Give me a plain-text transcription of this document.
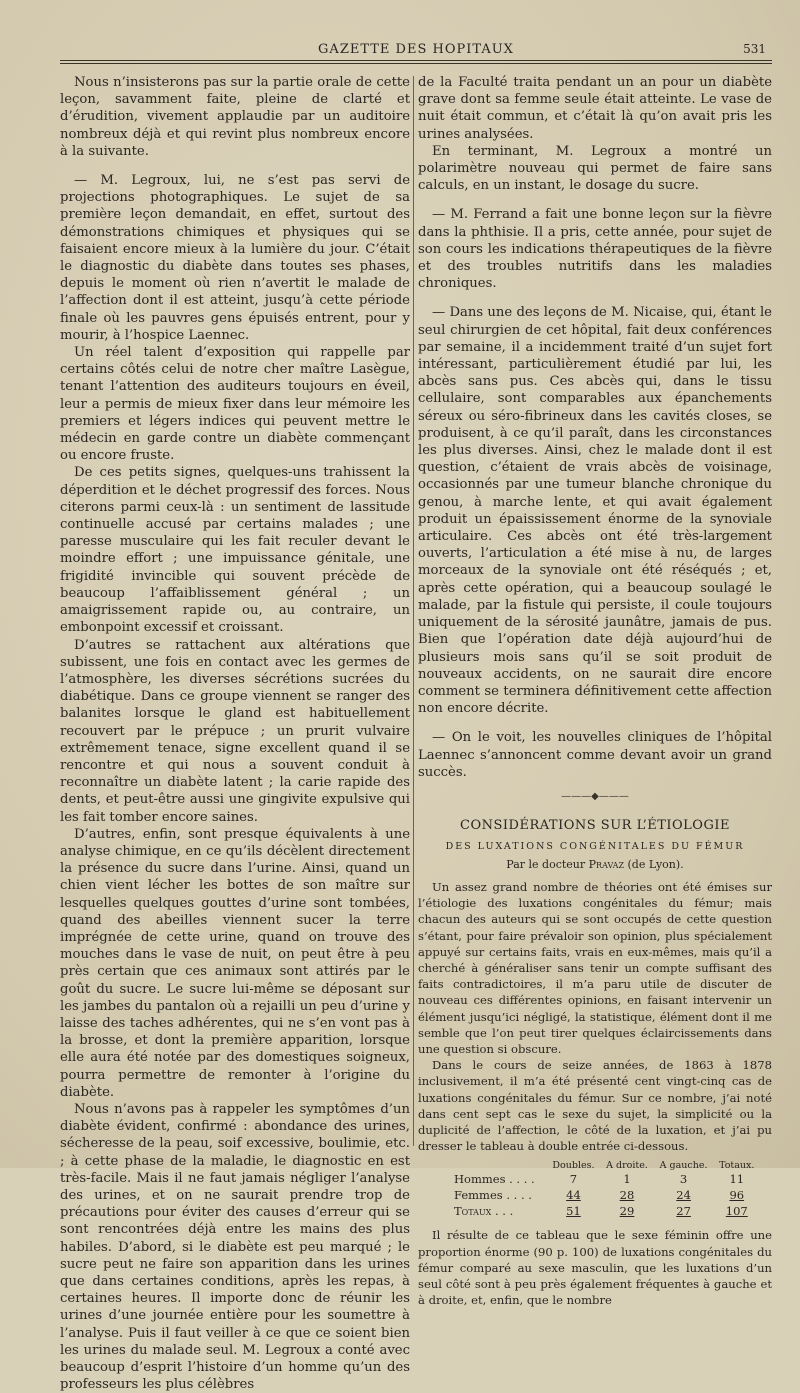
GAZETTE DES HOPITAUX	531

Nous n’insisterons pas sur la partie orale de cette leçon, savamment faite, pleine de clarté et d’érudition, vivement applaudie par un auditoire nombreux déjà et qui revint plus nombreux encore à la suivante.

— M. Legroux, lui, ne s’est pas servi de projections photographiques. Le sujet de sa première leçon demandait, en effet, surtout des démonstrations chimiques et physiques qui se faisaient encore mieux à la lumière du jour. C’était le diagnostic du diabète dans toutes ses phases, depuis le moment où rien n’avertit le malade de l’affection dont il est atteint, jusqu’à cette période finale où les pauvres gens épuisés entrent, pour y mourir, à l’hospice Laennec.

Un réel talent d’exposition qui rappelle par certains côtés celui de notre cher maître Lasègue, tenant l’attention des auditeurs toujours en éveil, leur a permis de mieux fixer dans leur mémoire les premiers et légers indices qui peuvent mettre le médecin en garde contre un diabète commençant ou encore fruste.

De ces petits signes, quelques-uns trahissent la déperdition et le déchet progressif des forces. Nous citerons parmi ceux-là : un sentiment de lassitude continuelle accusé par certains malades ; une paresse musculaire qui les fait reculer devant le moindre effort ; une impuissance génitale, une frigidité invincible qui souvent précède de beaucoup l’affaiblissement général ; un amaigrissement rapide ou, au contraire, un embonpoint excessif et croissant.

D’autres se rattachent aux altérations que subissent, une fois en contact avec les germes de l’atmosphère, les diverses sécrétions sucrées du diabétique. Dans ce groupe viennent se ranger des balanites lorsque le gland est habituellement recouvert par le prépuce ; un prurit vulvaire extrêmement tenace, signe excellent quand il se rencontre et qui nous a souvent conduit à reconnaître un diabète latent ; la carie rapide des dents, et peut-être aussi une gingivite expulsive qui les fait tomber encore saines.

D’autres, enfin, sont presque équivalents à une analyse chimique, en ce qu’ils décèlent directement la présence du sucre dans l’urine. Ainsi, quand un chien vient lécher les bottes de son maître sur lesquelles quelques gouttes d’urine sont tombées, quand des abeilles viennent sucer la terre imprégnée de cette urine, quand on trouve des mouches dans le vase de nuit, on peut être à peu près certain que ces animaux sont attirés par le goût du sucre. Le sucre lui-même se déposant sur les jambes du pantalon où a rejailli un peu d’urine y laisse des taches adhérentes, qui ne s’en vont pas à la brosse, et dont la première apparition, lorsque elle aura été notée par des domestiques soigneux, pourra permettre de remonter à l’origine du diabète.

Nous n’avons pas à rappeler les symptômes d’un diabète évident, confirmé : abondance des urines, sécheresse de la peau, soif excessive, boulimie, etc. ; à cette phase de la maladie, le diagnostic en est très-facile. Mais il ne faut jamais négliger l’analyse des urines, et on ne saurait prendre trop de précautions pour éviter des causes d’erreur qui se sont rencontrées déjà entre les mains des plus habiles. D’abord, si le diabète est peu marqué ; le sucre peut ne faire son apparition dans les urines que dans certaines conditions, après les repas, à certaines heures. Il importe donc de réunir les urines d’une journée entière pour les soumettre à l’analyse. Puis il faut veiller à ce que ce soient bien les urines du malade seul. M. Legroux a conté avec beaucoup d’esprit l’histoire d’un homme qu’un des professeurs les plus célèbres

de la Faculté traita pendant un an pour un diabète grave dont sa femme seule était atteinte. Le vase de nuit était commun, et c’était là qu’on avait pris les urines analysées.

En terminant, M. Legroux a montré un polarimètre nouveau qui permet de faire sans calculs, en un instant, le dosage du sucre.

— M. Ferrand a fait une bonne leçon sur la fièvre dans la phthisie. Il a pris, cette année, pour sujet de son cours les indications thérapeutiques de la fièvre et des troubles nutritifs dans les maladies chroniques.

— Dans une des leçons de M. Nicaise, qui, étant le seul chirurgien de cet hôpital, fait deux conférences par semaine, il a incidemment traité d’un sujet fort intéressant, particulièrement étudié par lui, les abcès sans pus. Ces abcès qui, dans le tissu cellulaire, sont comparables aux épanchements séreux ou séro-fibrineux dans les cavités closes, se produisent, à ce qu’il paraît, dans les circonstances les plus diverses. Ainsi, chez le malade dont il est question, c’étaient de vrais abcès de voisinage, occasionnés par une tumeur blanche chronique du genou, à marche lente, et qui avait également produit un épaississement énorme de la synoviale articulaire. Ces abcès ont été très-largement ouverts, l’articulation a été mise à nu, de larges morceaux de la synoviale ont été réséqués ; et, après cette opération, qui a beaucoup soulagé le malade, par la fistule qui persiste, il coule toujours uniquement de la sérosité jaunâtre, jamais de pus. Bien que l’opération date déjà aujourd’hui de plusieurs mois sans qu’il se soit produit de nouveaux accidents, on ne saurait dire encore comment se terminera définitivement cette affection non encore décrite.

— On le voit, les nouvelles cliniques de l’hôpital Laennec s’annoncent comme devant avoir un grand succès.

———◆———
CONSIDÉRATIONS SUR L’ÉTIOLOGIE
DES LUXATIONS CONGÉNITALES DU FÉMUR
Par le docteur Pravaz (de Lyon).

Un assez grand nombre de théories ont été émises sur l’étiologie des luxations congénitales du fémur; mais chacun des auteurs qui se sont occupés de cette question s’étant, pour faire prévaloir son opinion, plus spécialement appuyé sur certains faits, vrais en eux-mêmes, mais qu’il a cherché à généraliser sans tenir un compte suffisant des faits contradictoires, il m’a paru utile de discuter de nouveau ces différentes opinions, en faisant intervenir un élément jusqu’ici négligé, la statistique, élément dont il me semble que l’on peut tirer quelques éclaircissements dans une question si obscure.

Dans le cours de seize années, de 1863 à 1878 inclusivement, il m’a été présenté cent vingt-cinq cas de luxations congénitales du fémur. Sur ce nombre, j’ai noté dans cent sept cas le sexe du sujet, la simplicité ou la duplicité de l’affection, le côté de la luxation, et j’ai pu dresser le tableau à double entrée ci-dessous.

	Doubles.	A droite.	A gauche.	Totaux.
Hommes . . . .	7	1	3	11
Femmes . . . .	44	28	24	96
Totaux . . .	51	29	27	107

Il résulte de ce tableau que le sexe féminin offre une proportion énorme (90 p. 100) de luxations congénitales du fémur comparé au sexe masculin, que les luxations d’un seul côté sont à peu près également fréquentes à gauche et à droite, et, enfin, que le nombre
